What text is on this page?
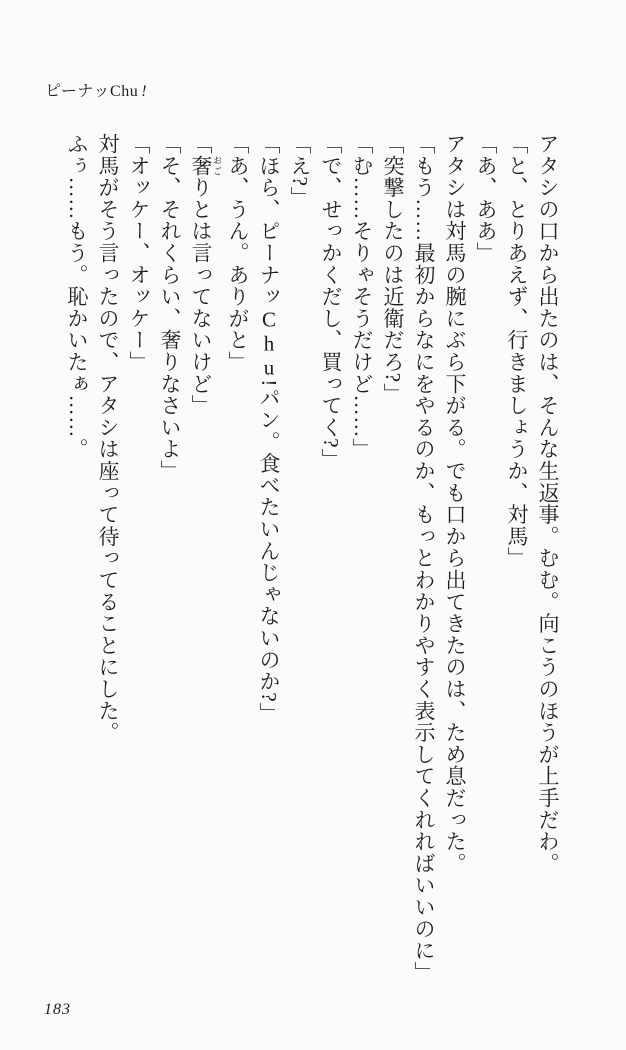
ピーナッChu !
アタシの口から出たのは、そんな生返事。むむ。向こうのほうが上手だわ。
「と、とりあえず、行きましょうか、対馬」
「あ、ああ」
アタシは対馬の腕にぶら下がる。でも口から出てきたのは、ため息だった。
「もう……最初からなにをやるのか、もっとわかりやすく表示してくれればいいのに」
「突撃したのは近衛だろ?」
「む……そりゃそうだけど……」
「で、せっかくだし、買ってく?」
「え?」
「ほら、ピーナッChu!パン。食べたいんじゃないのか?」
「あ、うん。ありがと」
「奢 おごりとは言ってないけど」
「そ、それくらい、奢りなさいよ」
「オッケー、オッケー」
対馬がそう言ったので、アタシは座って待ってることにした。
ふぅ……もう。恥かいたぁ……。
183
